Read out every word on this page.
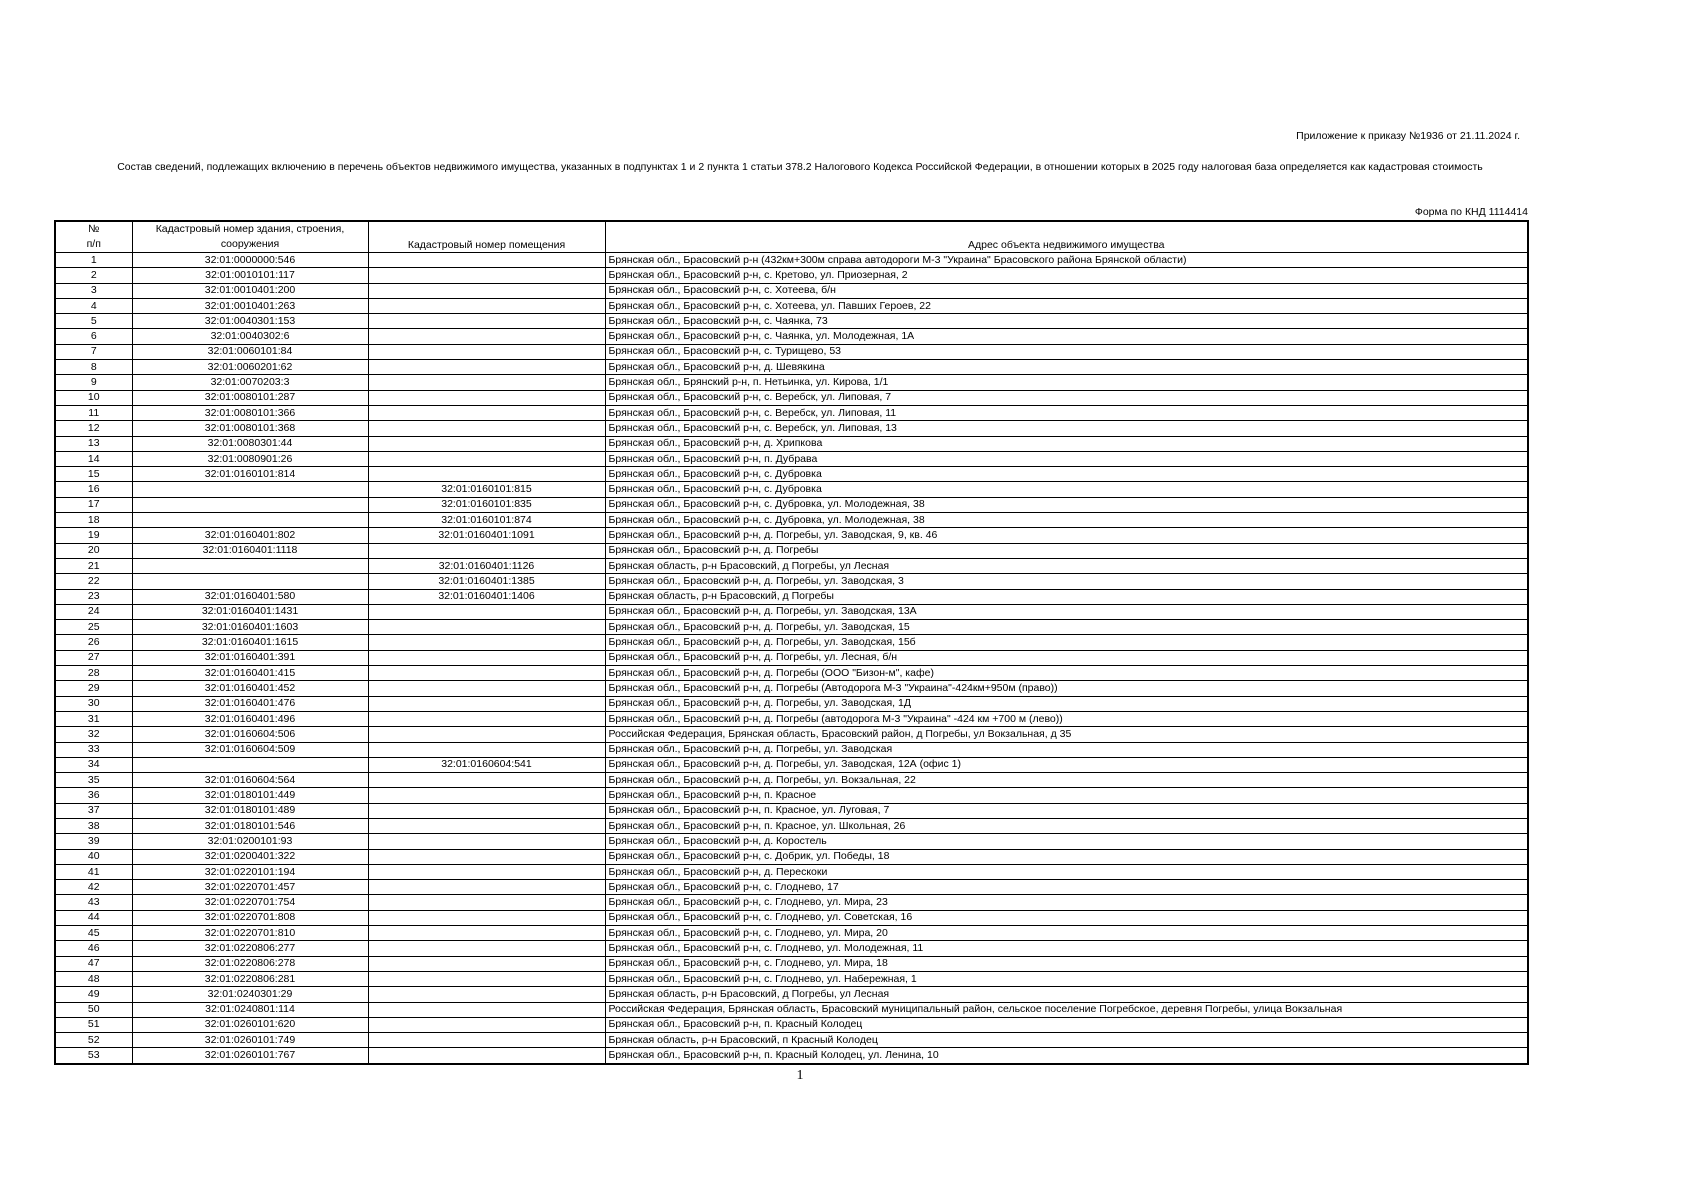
Приложение к приказу №1936 от 21.11.2024 г.
Состав сведений, подлежащих включению в перечень объектов недвижимого имущества, указанных в подпунктах 1 и 2 пункта 1 статьи 378.2 Налогового Кодекса Российской Федерации, в отношении которых в 2025 году налоговая база определяется как кадастровая стоимость
Форма по КНД 1114414
№
п/п	Кадастровый номер здания, строения, сооружения	Кадастровый номер помещения	Адрес объекта недвижимого имущества
1	32:01:0000000:546		Брянская обл., Брасовский р-н (432км+300м справа автодороги М-3 "Украина" Брасовского района Брянской области)
2	32:01:0010101:117		Брянская обл., Брасовский р-н, с. Кретово, ул. Приозерная, 2
3	32:01:0010401:200		Брянская обл., Брасовский р-н, с. Хотеева, б/н
4	32:01:0010401:263		Брянская обл., Брасовский р-н, с. Хотеева, ул. Павших Героев, 22
5	32:01:0040301:153		Брянская обл., Брасовский р-н, с. Чаянка, 73
6	32:01:0040302:6		Брянская обл., Брасовский р-н, с. Чаянка, ул. Молодежная, 1А
7	32:01:0060101:84		Брянская обл., Брасовский р-н, с. Турищево, 53
8	32:01:0060201:62		Брянская обл., Брасовский р-н, д. Шевякина
9	32:01:0070203:3		Брянская обл., Брянский р-н, п. Нетьинка, ул. Кирова, 1/1
10	32:01:0080101:287		Брянская обл., Брасовский р-н, с. Веребск, ул. Липовая, 7
11	32:01:0080101:366		Брянская обл., Брасовский р-н, с. Веребск, ул. Липовая, 11
12	32:01:0080101:368		Брянская обл., Брасовский р-н, с. Веребск, ул. Липовая, 13
13	32:01:0080301:44		Брянская обл., Брасовский р-н, д. Хрипкова
14	32:01:0080901:26		Брянская обл., Брасовский р-н, п. Дубрава
15	32:01:0160101:814		Брянская обл., Брасовский р-н, с. Дубровка
16		32:01:0160101:815	Брянская обл., Брасовский р-н, с. Дубровка
17		32:01:0160101:835	Брянская обл., Брасовский р-н, с. Дубровка, ул. Молодежная, 38
18		32:01:0160101:874	Брянская обл., Брасовский р-н, с. Дубровка, ул. Молодежная, 38
19	32:01:0160401:802	32:01:0160401:1091	Брянская обл., Брасовский р-н, д. Погребы, ул. Заводская, 9, кв. 46
20	32:01:0160401:1118		Брянская обл., Брасовский р-н, д. Погребы
21		32:01:0160401:1126	Брянская область, р-н Брасовский, д Погребы, ул Лесная
22		32:01:0160401:1385	Брянская обл., Брасовский р-н, д. Погребы, ул. Заводская, 3
23	32:01:0160401:580	32:01:0160401:1406	Брянская область, р-н Брасовский, д Погребы
24	32:01:0160401:1431		Брянская обл., Брасовский р-н, д. Погребы, ул. Заводская, 13А
25	32:01:0160401:1603		Брянская обл., Брасовский р-н, д. Погребы, ул. Заводская, 15
26	32:01:0160401:1615		Брянская обл., Брасовский р-н, д. Погребы, ул. Заводская, 15б
27	32:01:0160401:391		Брянская обл., Брасовский р-н, д. Погребы, ул. Лесная, б/н
28	32:01:0160401:415		Брянская обл., Брасовский р-н, д. Погребы (ООО "Бизон-м", кафе)
29	32:01:0160401:452		Брянская обл., Брасовский р-н, д. Погребы (Автодорога М-3 "Украина"-424км+950м (право))
30	32:01:0160401:476		Брянская обл., Брасовский р-н, д. Погребы, ул. Заводская, 1Д
31	32:01:0160401:496		Брянская обл., Брасовский р-н, д. Погребы (автодорога М-3 "Украина" -424 км +700 м (лево))
32	32:01:0160604:506		Российская Федерация, Брянская область, Брасовский район, д Погребы, ул Вокзальная, д 35
33	32:01:0160604:509		Брянская обл., Брасовский р-н, д. Погребы, ул. Заводская
34		32:01:0160604:541	Брянская обл., Брасовский р-н, д. Погребы, ул. Заводская, 12А (офис 1)
35	32:01:0160604:564		Брянская обл., Брасовский р-н, д. Погребы, ул. Вокзальная, 22
36	32:01:0180101:449		Брянская обл., Брасовский р-н, п. Красное
37	32:01:0180101:489		Брянская обл., Брасовский р-н, п. Красное, ул. Луговая, 7
38	32:01:0180101:546		Брянская обл., Брасовский р-н, п. Красное, ул. Школьная, 26
39	32:01:0200101:93		Брянская обл., Брасовский р-н, д. Коростель
40	32:01:0200401:322		Брянская обл., Брасовский р-н, с. Добрик, ул. Победы, 18
41	32:01:0220101:194		Брянская обл., Брасовский р-н, д. Перескоки
42	32:01:0220701:457		Брянская обл., Брасовский р-н, с. Глоднево, 17
43	32:01:0220701:754		Брянская обл., Брасовский р-н, с. Глоднево, ул. Мира, 23
44	32:01:0220701:808		Брянская обл., Брасовский р-н, с. Глоднево, ул. Советская, 16
45	32:01:0220701:810		Брянская обл., Брасовский р-н, с. Глоднево, ул. Мира, 20
46	32:01:0220806:277		Брянская обл., Брасовский р-н, с. Глоднево, ул. Молодежная, 11
47	32:01:0220806:278		Брянская обл., Брасовский р-н, с. Глоднево, ул. Мира, 18
48	32:01:0220806:281		Брянская обл., Брасовский р-н, с. Глоднево, ул. Набережная, 1
49	32:01:0240301:29		Брянская область, р-н Брасовский, д Погребы, ул Лесная
50	32:01:0240801:114		Российская Федерация, Брянская область, Брасовский муниципальный район, сельское поселение Погребское, деревня Погребы, улица Вокзальная
51	32:01:0260101:620		Брянская обл., Брасовский р-н, п. Красный Колодец
52	32:01:0260101:749		Брянская область, р-н Брасовский, п Красный Колодец
53	32:01:0260101:767		Брянская обл., Брасовский р-н, п. Красный Колодец, ул. Ленина, 10
1
